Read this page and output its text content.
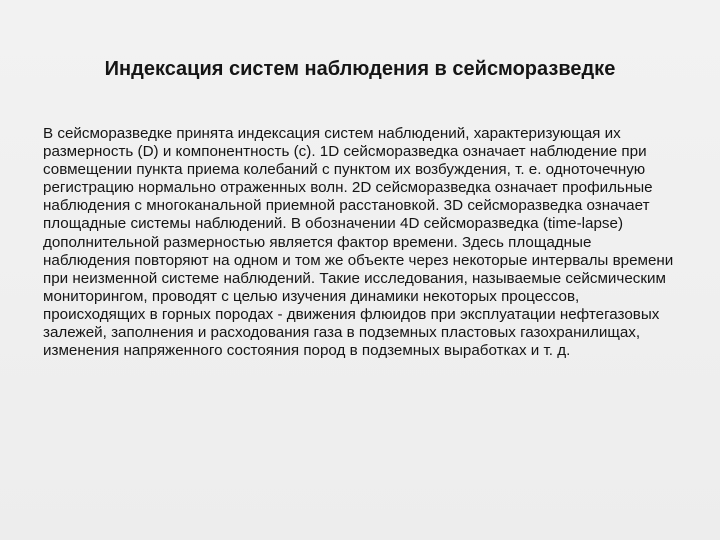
Индексация систем наблюдения в сейсморазведке

В сейсморазведке принята индексация систем наблюдений, характеризующая их размерность (D) и компонентность (c). 1D сейсморазведка означает наблюдение при совмещении пункта приема колебаний с пунктом их возбуждения, т. е. одноточечную регистрацию нормально отраженных волн. 2D сейсморазведка означает профильные наблюдения с многоканальной приемной расстановкой. 3D сейсморазведка означает площадные системы наблюдений. В обозначении 4D сейсморазведка (time-lapse) дополнительной размерностью является фактор времени. Здесь площадные наблюдения повторяют на одном и том же объекте через некоторые интервалы времени при неизменной системе наблюдений. Такие исследования, называемые сейсмическим мониторингом, проводят с целью изучения динамики некоторых процессов, происходящих в горных породах - движения флюидов при эксплуатации нефтегазовых залежей, заполнения и расходования газа в подземных пластовых газохранилищах, изменения напряженного состояния пород в подземных выработках и т. д.
